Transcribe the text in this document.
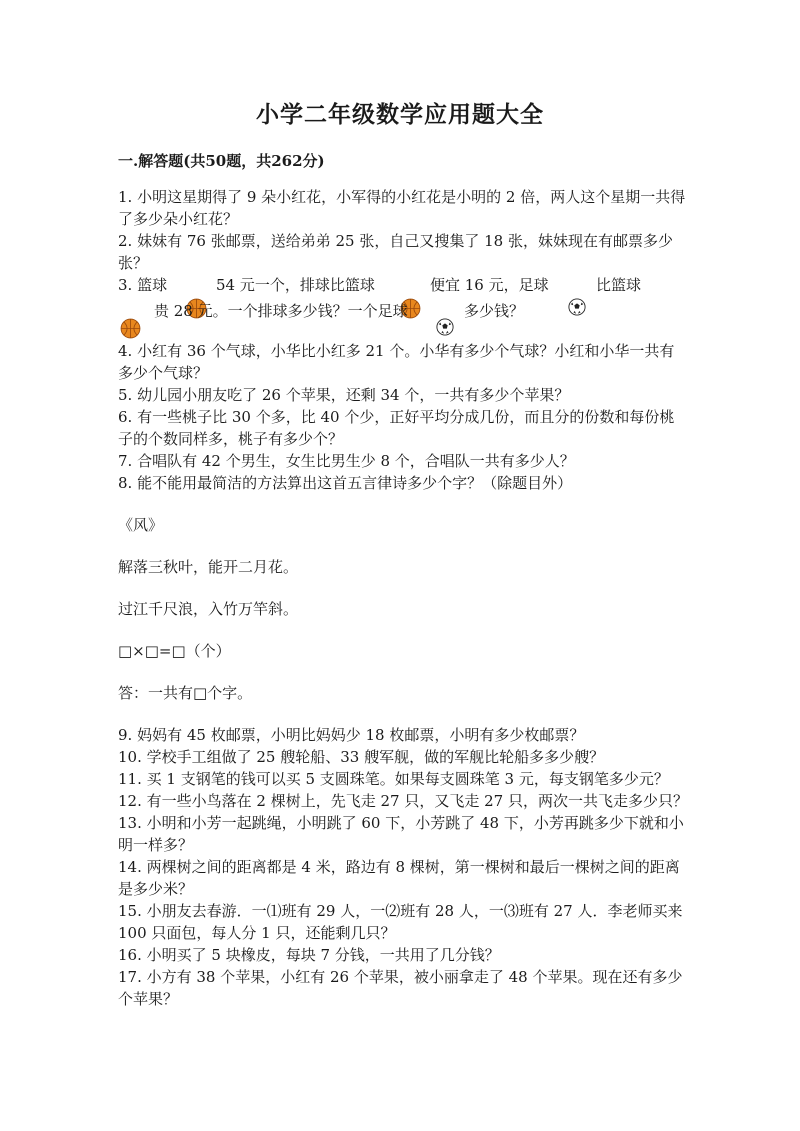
小学二年级数学应用题大全
一.解答题(共50题，共262分)

1. 小明这星期得了 9 朵小红花，小军得的小红花是小明的 2 倍，两人这个星期一共得了多少朵小红花？

2. 妹妹有 76 张邮票，送给弟弟 25 张，自己又搜集了 18 张，妹妹现在有邮票多少张？

3. 篮球	54 元一个，排球比篮球	便宜 16 元，足球	比篮球
贵 28 元。一个排球多少钱？一个足球	多少钱？

4. 小红有 36 个气球，小华比小红多 21 个。小华有多少个气球？小红和小华一共有多少个气球？

5. 幼儿园小朋友吃了 26 个苹果，还剩 34 个，一共有多少个苹果？

6. 有一些桃子比 30 个多，比 40 个少，正好平均分成几份，而且分的份数和每份桃子的个数同样多，桃子有多少个？

7. 合唱队有 42 个男生，女生比男生少 8 个，合唱队一共有多少人？

8. 能不能用最简洁的方法算出这首五言律诗多少个字？（除题目外）

《风》

解落三秋叶，能开二月花。

过江千尺浪，入竹万竿斜。

□×□=□（个）

答：一共有□个字。

9. 妈妈有 45 枚邮票，小明比妈妈少 18 枚邮票，小明有多少枚邮票？

10. 学校手工组做了 25 艘轮船、33 艘军舰，做的军舰比轮船多多少艘？

11. 买 1 支钢笔的钱可以买 5 支圆珠笔。如果每支圆珠笔 3 元，每支钢笔多少元？

12. 有一些小鸟落在 2 棵树上，先飞走 27 只，又飞走 27 只，两次一共飞走多少只？

13. 小明和小芳一起跳绳，小明跳了 60 下，小芳跳了 48 下，小芳再跳多少下就和小明一样多？

14. 两棵树之间的距离都是 4 米，路边有 8 棵树，第一棵树和最后一棵树之间的距离是多少米？

15. 小朋友去春游．一⑴班有 29 人，一⑵班有 28 人，一⑶班有 27 人．李老师买来 100 只面包，每人分 1 只，还能剩几只？

16. 小明买了 5 块橡皮，每块 7 分钱，一共用了几分钱？

17. 小方有 38 个苹果，小红有 26 个苹果，被小丽拿走了 48 个苹果。现在还有多少个苹果？
